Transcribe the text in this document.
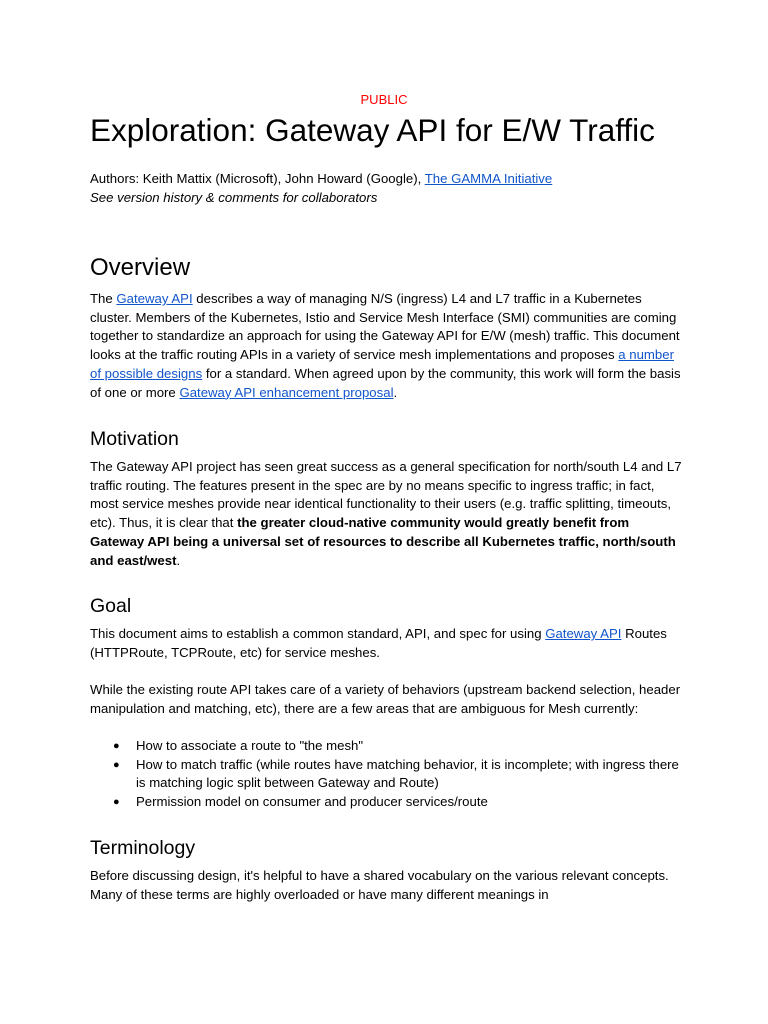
PUBLIC
Exploration: Gateway API for E/W Traffic

Authors: Keith Mattix (Microsoft), John Howard (Google), The GAMMA Initiative

See version history & comments for collaborators

Overview

The Gateway API describes a way of managing N/S (ingress) L4 and L7 traffic in a Kubernetes cluster. Members of the Kubernetes, Istio and Service Mesh Interface (SMI) communities are coming together to standardize an approach for using the Gateway API for E/W (mesh) traffic. This document looks at the traffic routing APIs in a variety of service mesh implementations and proposes a number of possible designs for a standard. When agreed upon by the community, this work will form the basis of one or more Gateway API enhancement proposal.

Motivation

The Gateway API project has seen great success as a general specification for north/south L4 and L7 traffic routing. The features present in the spec are by no means specific to ingress traffic; in fact, most service meshes provide near identical functionality to their users (e.g. traffic splitting, timeouts, etc). Thus, it is clear that the greater cloud-native community would greatly benefit from Gateway API being a universal set of resources to describe all Kubernetes traffic, north/south and east/west.

Goal

This document aims to establish a common standard, API, and spec for using Gateway API Routes (HTTPRoute, TCPRoute, etc) for service meshes.

While the existing route API takes care of a variety of behaviors (upstream backend selection, header manipulation and matching, etc), there are a few areas that are ambiguous for Mesh currently:

● How to associate a route to "the mesh"
● How to match traffic (while routes have matching behavior, it is incomplete; with ingress there is matching logic split between Gateway and Route)
● Permission model on consumer and producer services/route
Terminology

Before discussing design, it's helpful to have a shared vocabulary on the various relevant concepts. Many of these terms are highly overloaded or have many different meanings in
